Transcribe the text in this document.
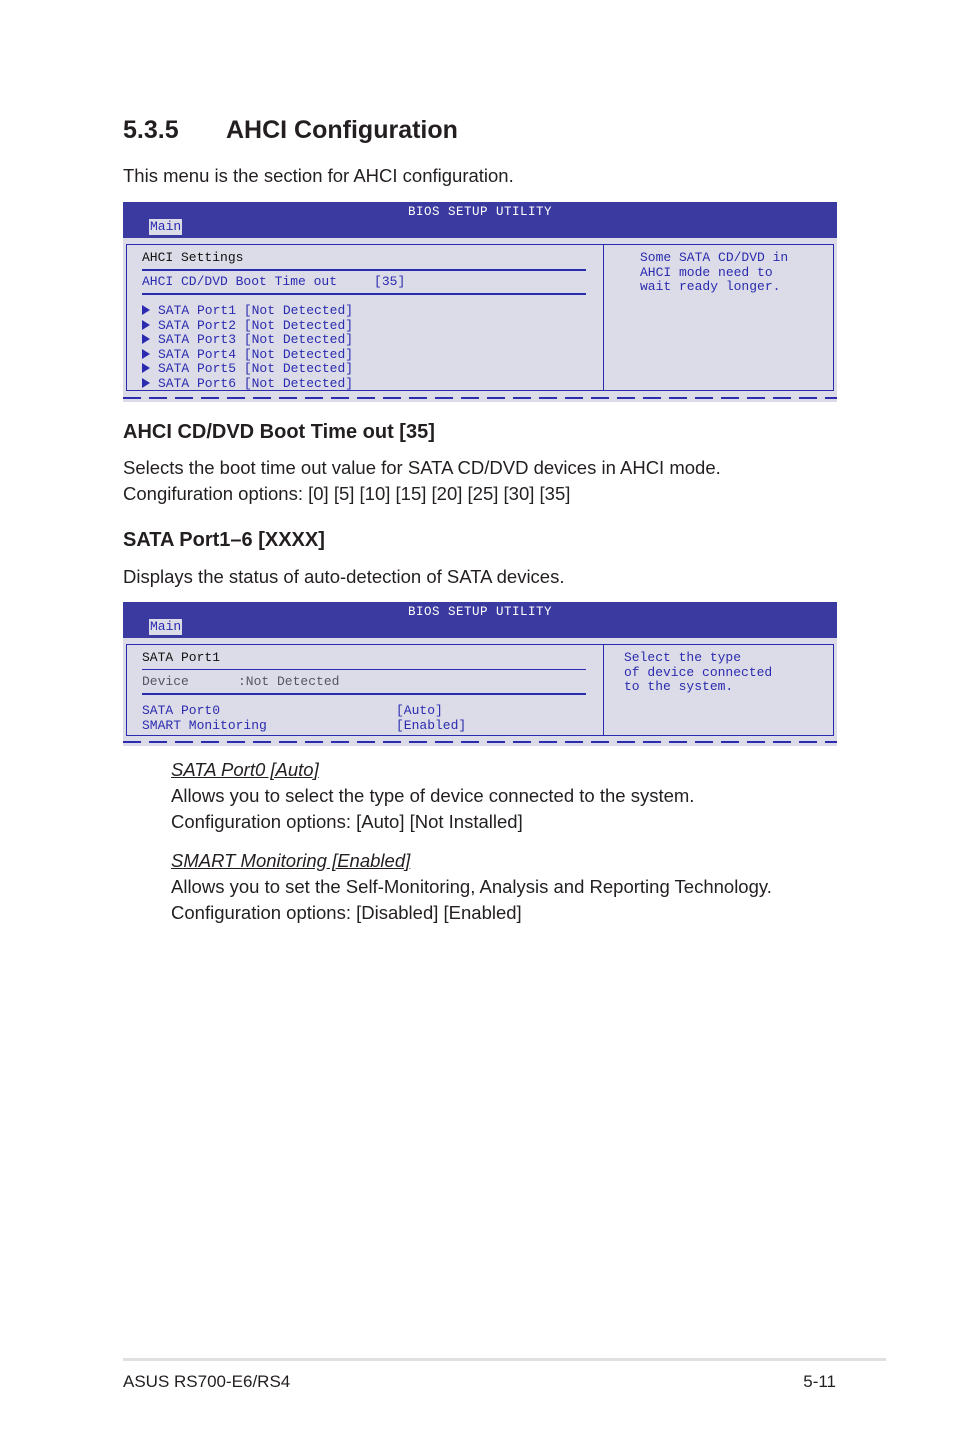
5.3.5 AHCI Configuration
This menu is the section for AHCI configuration.
BIOS SETUP UTILITY
Main
AHCI Settings
AHCI CD/DVD Boot Time out	[35]
SATA Port1 [Not Detected]
SATA Port2 [Not Detected]
SATA Port3 [Not Detected]
SATA Port4 [Not Detected]
SATA Port5 [Not Detected]
SATA Port6 [Not Detected]
Some SATA CD/DVD in
AHCI mode need to
wait ready longer.
AHCI CD/DVD Boot Time out [35]
Selects the boot time out value for SATA CD/DVD devices in AHCI mode.
Congifuration options: [0] [5] [10] [15] [20] [25] [30] [35]
SATA Port1–6 [XXXX]
Displays the status of auto-detection of SATA devices.
BIOS SETUP UTILITY
Main
SATA Port1
Device	:Not Detected
SATA Port0	[Auto]
SMART Monitoring	[Enabled]
Select the type
of device connected
to the system.
SATA Port0 [Auto]
Allows you to select the type of device connected to the system.
Configuration options: [Auto] [Not Installed]
SMART Monitoring [Enabled]
Allows you to set the Self-Monitoring, Analysis and Reporting Technology.
Configuration options: [Disabled] [Enabled]
ASUS RS700-E6/RS4	5-11
